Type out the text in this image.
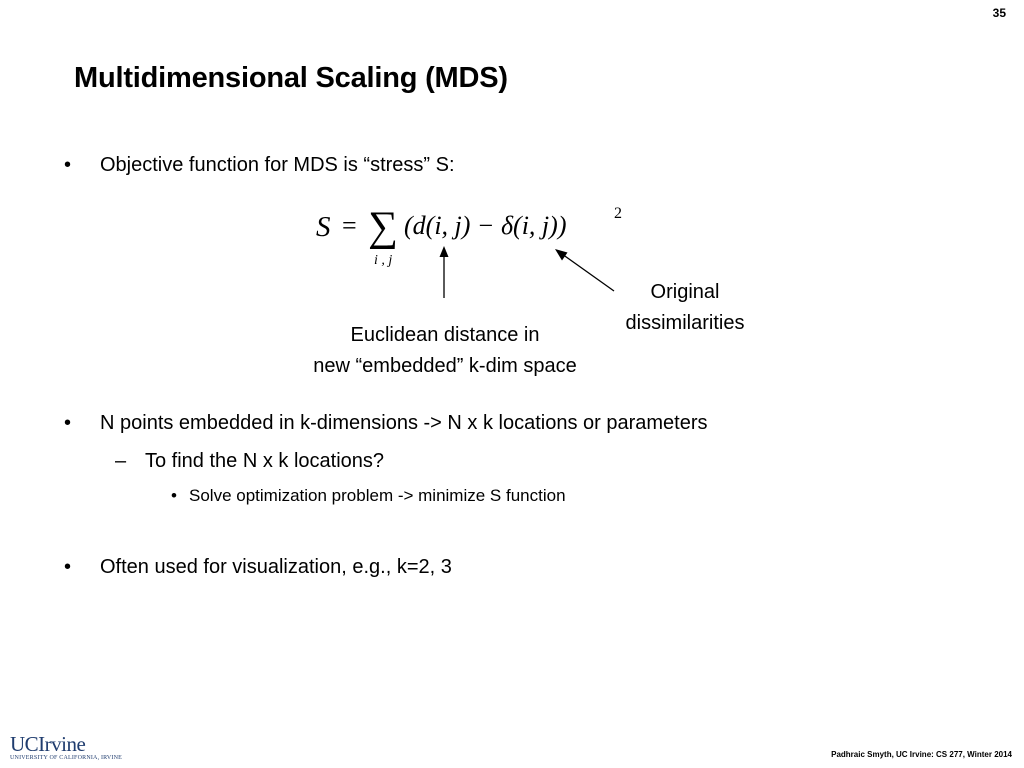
35
Multidimensional Scaling (MDS)
• Objective function for MDS is “stress” S:
S = ∑
i , j
(d(i, j) − δ(i, j))	2
Original
dissimilarities
Euclidean distance in
new “embedded” k-dim space
• N points embedded in k-dimensions -> N x k locations or parameters
– To find the N x k locations?
• Solve optimization problem -> minimize S function
• Often used for visualization, e.g., k=2, 3
UCIrvine
UNIVERSITY OF CALIFORNIA, IRVINE	Padhraic Smyth, UC Irvine: CS 277, Winter 2014
